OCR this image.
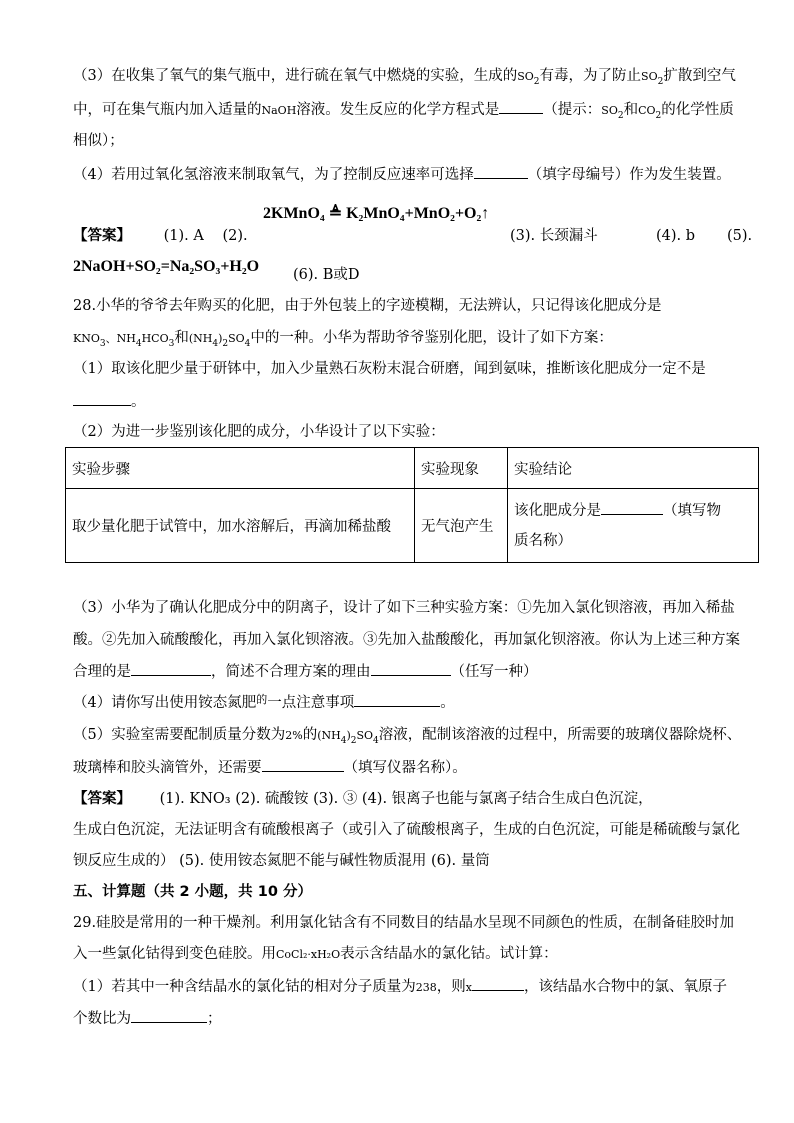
（3）在收集了氧气的集气瓶中，进行硫在氧气中燃烧的实验，生成的$SO_2$有毒，为了防止$SO_2$扩散到空气
中，可在集气瓶内加入适量的NaOH溶液。发生反应的化学方程式是	（提示：$SO_2$和$CO_2$的化学性质
相似）；
（4）若用过氧化氢溶液来制取氧气，为了控制反应速率可选择	（填字母编号）作为发生装置。
2KMnO₄ ≜ K₂MnO₄+MnO₂+O₂↑
【答案】 (1). A (2).	(3). 长颈漏斗	(4). b (5).
2NaOH+SO₂=Na₂SO₃+H₂O (6). B或D
28.小华的爷爷去年购买的化肥，由于外包装上的字迹模糊，无法辨认，只记得该化肥成分是
$KNO_3$、$NH_4HCO_3$和$(NH_4)_2SO_4$中的一种。小华为帮助爷爷鉴别化肥，设计了如下方案：
（1）取该化肥少量于研钵中，加入少量熟石灰粉末混合研磨，闻到氨味，推断该化肥成分一定不是
。
（2）为进一步鉴别该化肥的成分，小华设计了以下实验：
实验步骤	实验现象	实验结论
取少量化肥于试管中，加水溶解后，再滴加稀盐酸	无气泡产生	该化肥成分是 （填写物
质名称）
（3）小华为了确认化肥成分中的阴离子，设计了如下三种实验方案：①先加入氯化钡溶液，再加入稀盐
酸。②先加入硫酸酸化，再加入氯化钡溶液。③先加入盐酸酸化，再加氯化钡溶液。你认为上述三种方案
合理的是	，简述不合理方案的理由	（任写一种）
（4）请你写出使用铵态氮肥$^的$一点注意事项	。
（5）实验室需要配制质量分数为2%的$(NH_4)_2SO_4$溶液，配制该溶液的过程中，所需要的玻璃仪器除烧杯、
玻璃棒和胶头滴管外，还需要	（填写仪器名称）。
【答案】 (1). KNO₃ (2). 硫酸铵 (3). ③ (4). 银离子也能与氯离子结合生成白色沉淀，
生成白色沉淀，无法证明含有硫酸根离子（或引入了硫酸根离子，生成的白色沉淀，可能是稀硫酸与氯化
钡反应生成的） (5). 使用铵态氮肥不能与碱性物质混用 (6). 量筒
五、计算题（共 2 小题，共 10 分）
29.硅胶是常用的一种干燥剂。利用氯化钴含有不同数目的结晶水呈现不同颜色的性质，在制备硅胶时加
入一些氯化钴得到变色硅胶。用CoCl₂·xH₂O表示含结晶水的氯化钴。试计算：
（1）若其中一种含结晶水的氯化钴的相对分子质量为238，则x	，该结晶水合物中的氯、氧原子
个数比为	；
